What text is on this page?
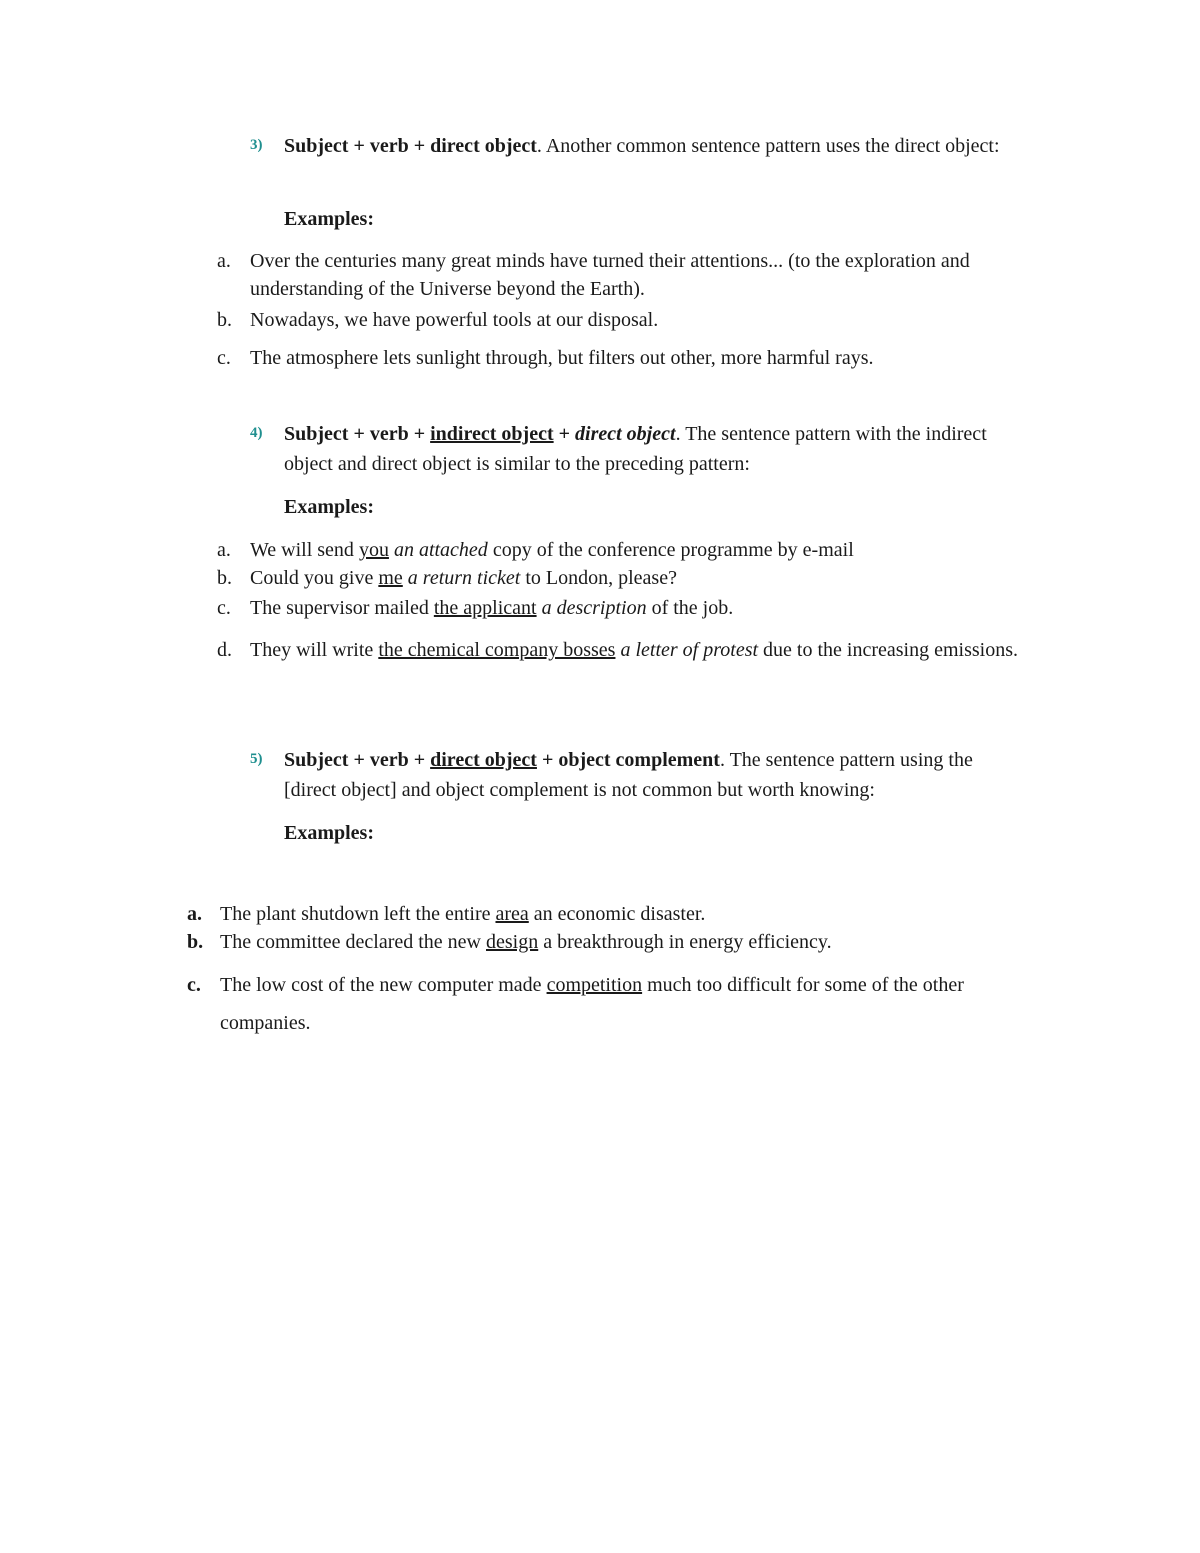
3) Subject + verb + direct object. Another common sentence pattern uses the direct object:
Examples:
a. Over the centuries many great minds have turned their attentions... (to the exploration and understanding of the Universe beyond the Earth).
b. Nowadays, we have powerful tools at our disposal.
c. The atmosphere lets sunlight through, but filters out other, more harmful rays.
4) Subject + verb + indirect object + direct object. The sentence pattern with the indirect object and direct object is similar to the preceding pattern:
Examples:
a. We will send you an attached copy of the conference programme by e-mail
b. Could you give me a return ticket to London, please?
c. The supervisor mailed the applicant a description of the job.
d. They will write the chemical company bosses a letter of protest due to the increasing emissions.
5) Subject + verb + direct object + object complement. The sentence pattern using the [direct object] and object complement is not common but worth knowing:
Examples:
a. The plant shutdown left the entire area an economic disaster.
b. The committee declared the new design a breakthrough in energy efficiency.
c. The low cost of the new computer made competition much too difficult for some of the other companies.
